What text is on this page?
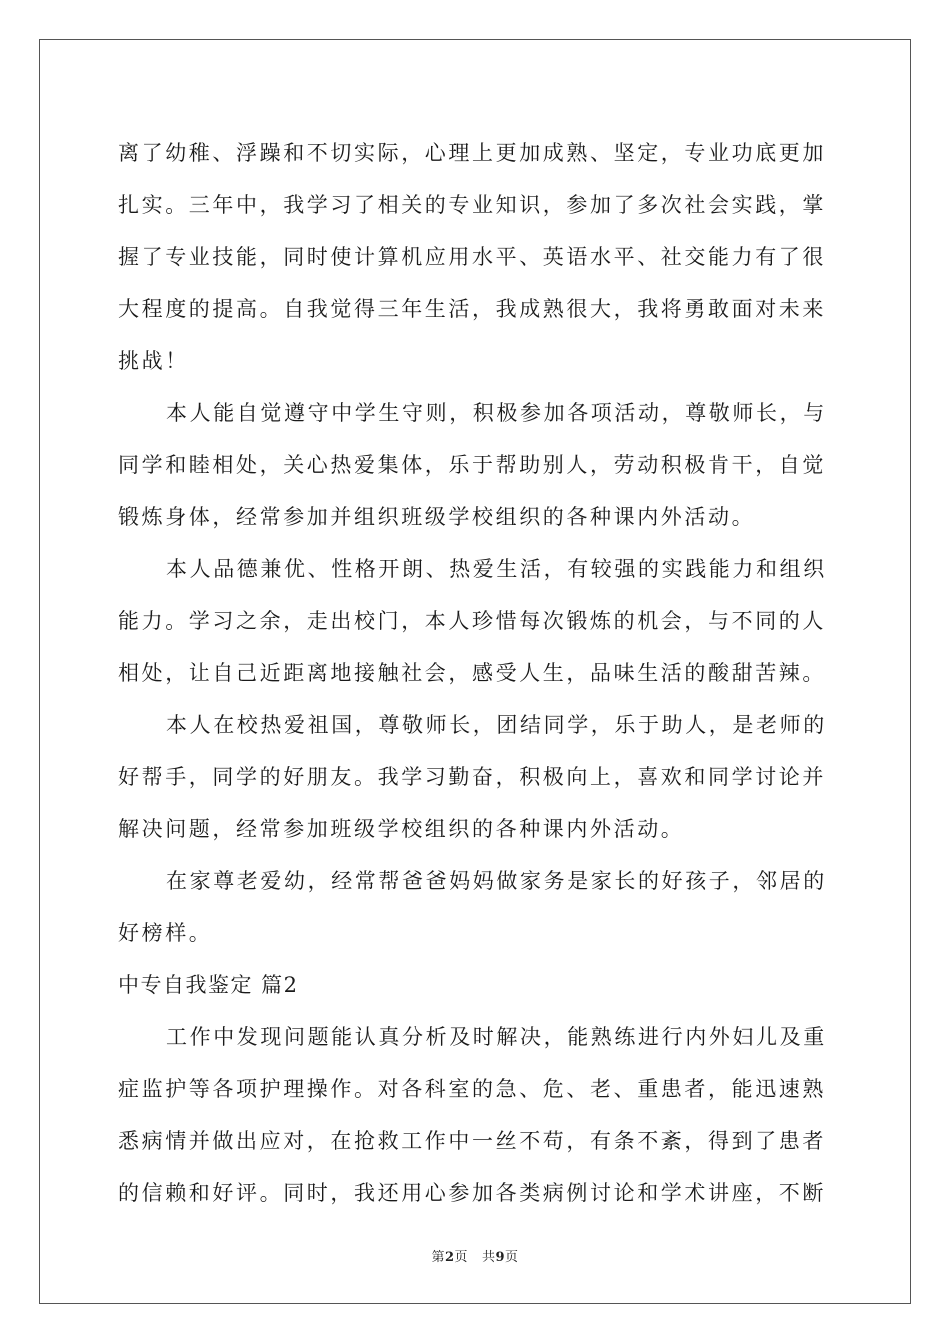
离了幼稚、浮躁和不切实际，心理上更加成熟、坚定，专业功底更加
扎实。三年中，我学习了相关的专业知识，参加了多次社会实践，掌
握了专业技能，同时使计算机应用水平、英语水平、社交能力有了很
大程度的提高。自我觉得三年生活，我成熟很大，我将勇敢面对未来
挑战！
本人能自觉遵守中学生守则，积极参加各项活动，尊敬师长，与
同学和睦相处，关心热爱集体，乐于帮助别人，劳动积极肯干，自觉
锻炼身体，经常参加并组织班级学校组织的各种课内外活动。
本人品德兼优、性格开朗、热爱生活，有较强的实践能力和组织
能力。学习之余，走出校门，本人珍惜每次锻炼的机会，与不同的人
相处，让自己近距离地接触社会，感受人生，品味生活的酸甜苦辣。
本人在校热爱祖国，尊敬师长，团结同学，乐于助人，是老师的
好帮手，同学的好朋友。我学习勤奋，积极向上，喜欢和同学讨论并
解决问题，经常参加班级学校组织的各种课内外活动。
在家尊老爱幼，经常帮爸爸妈妈做家务是家长的好孩子，邻居的
好榜样。
中专自我鉴定 篇2
工作中发现问题能认真分析及时解决，能熟练进行内外妇儿及重
症监护等各项护理操作。对各科室的急、危、老、重患者，能迅速熟
悉病情并做出应对，在抢救工作中一丝不苟，有条不紊，得到了患者
的信赖和好评。同时，我还用心参加各类病例讨论和学术讲座，不断
第2页 共9页
